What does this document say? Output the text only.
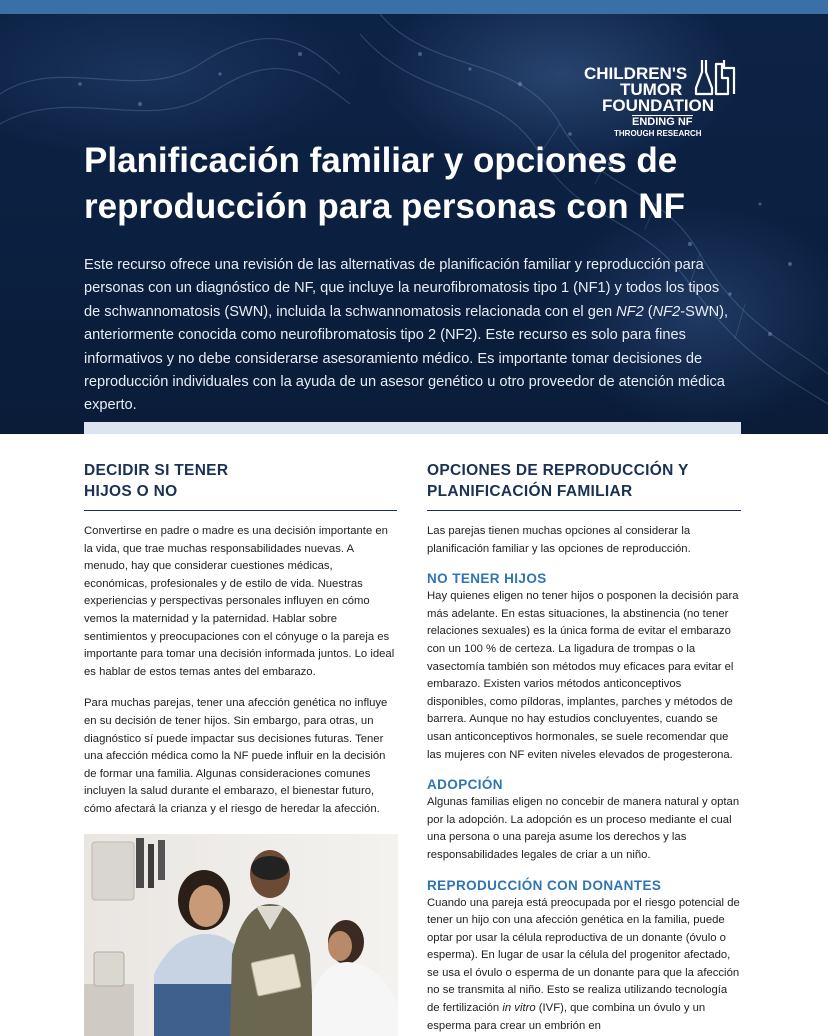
CHILDREN'S
TUMOR
FOUNDATION
ENDING NF
THROUGH RESEARCH
Planificación familiar y opciones de reproducción para personas con NF

Este recurso ofrece una revisión de las alternativas de planificación familiar y reproducción para personas con un diagnóstico de NF, que incluye la neurofibromatosis tipo 1 (NF1) y todos los tipos de schwannomatosis (SWN), incluida la schwannomatosis relacionada con el gen NF2 (NF2-SWN), anteriormente conocida como neurofibromatosis tipo 2 (NF2). Este recurso es solo para fines informativos y no debe considerarse asesoramiento médico. Es importante tomar decisiones de reproducción individuales con la ayuda de un asesor genético u otro proveedor de atención médica experto.

DECIDIR SI TENER HIJOS O NO

Convertirse en padre o madre es una decisión importante en la vida, que trae muchas responsabilidades nuevas. A menudo, hay que considerar cuestiones médicas, económicas, profesionales y de estilo de vida. Nuestras experiencias y perspectivas personales influyen en cómo vemos la maternidad y la paternidad. Hablar sobre sentimientos y preocupaciones con el cónyuge o la pareja es importante para tomar una decisión informada juntos. Lo ideal es hablar de estos temas antes del embarazo.

Para muchas parejas, tener una afección genética no influye en su decisión de tener hijos. Sin embargo, para otras, un diagnóstico sí puede impactar sus decisiones futuras. Tener una afección médica como la NF puede influir en la decisión de formar una familia. Algunas consideraciones comunes incluyen la salud durante el embarazo, el bienestar futuro, cómo afectará la crianza y el riesgo de heredar la afección.

OPCIONES DE REPRODUCCIÓN Y PLANIFICACIÓN FAMILIAR

Las parejas tienen muchas opciones al considerar la planificación familiar y las opciones de reproducción.

NO TENER HIJOS

Hay quienes eligen no tener hijos o posponen la decisión para más adelante. En estas situaciones, la abstinencia (no tener relaciones sexuales) es la única forma de evitar el embarazo con un 100 % de certeza. La ligadura de trompas o la vasectomía también son métodos muy eficaces para evitar el embarazo. Existen varios métodos anticonceptivos disponibles, como píldoras, implantes, parches y métodos de barrera. Aunque no hay estudios concluyentes, cuando se usan anticonceptivos hormonales, se suele recomendar que las mujeres con NF eviten niveles elevados de progesterona.

ADOPCIÓN

Algunas familias eligen no concebir de manera natural y optan por la adopción. La adopción es un proceso mediante el cual una persona o una pareja asume los derechos y las responsabilidades legales de criar a un niño.

REPRODUCCIÓN CON DONANTES

Cuando una pareja está preocupada por el riesgo potencial de tener un hijo con una afección genética en la familia, puede optar por usar la célula reproductiva de un donante (óvulo o esperma). En lugar de usar la célula del progenitor afectado, se usa el óvulo o esperma de un donante para que la afección no se transmita al niño. Esto se realiza utilizando tecnología de fertilización in vitro (IVF), que combina un óvulo y un esperma para crear un embrión en
